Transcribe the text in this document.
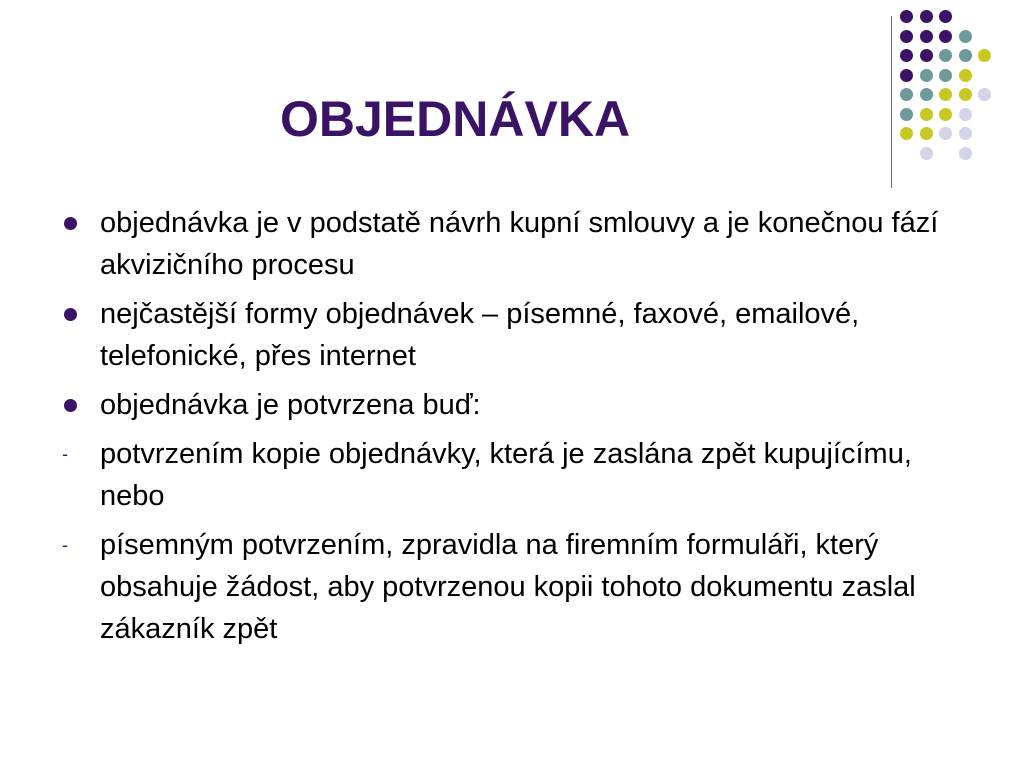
OBJEDNÁVKA
objednávka je v podstatě návrh kupní smlouvy a je konečnou fází akvizičního procesu
nejčastější formy objednávek – písemné, faxové, emailové, telefonické, přes internet
objednávka je potvrzena buď:
- potvrzením kopie objednávky, která je zaslána zpět kupujícímu, nebo
- písemným potvrzením, zpravidla na firemním formuláři, který obsahuje žádost, aby potvrzenou kopii tohoto dokumentu zaslal zákazník zpět
